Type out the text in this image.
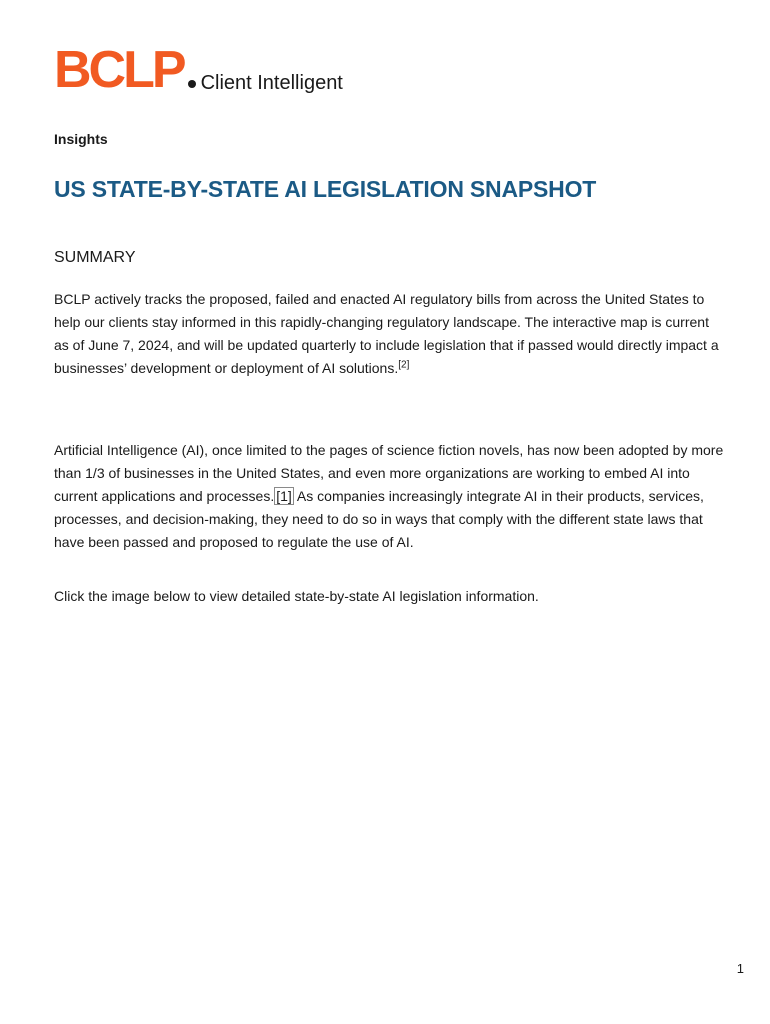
BCLP Client Intelligent
Insights
US STATE-BY-STATE AI LEGISLATION SNAPSHOT
SUMMARY

BCLP actively tracks the proposed, failed and enacted AI regulatory bills from across the United States to help our clients stay informed in this rapidly-changing regulatory landscape. The interactive map is current as of June 7, 2024, and will be updated quarterly to include legislation that if passed would directly impact a businesses’ development or deployment of AI solutions.[2]

Artificial Intelligence (AI), once limited to the pages of science fiction novels, has now been adopted by more than 1/3 of businesses in the United States, and even more organizations are working to embed AI into current applications and processes. [1] As companies increasingly integrate AI in their products, services, processes, and decision-making, they need to do so in ways that comply with the different state laws that have been passed and proposed to regulate the use of AI.

Click the image below to view detailed state-by-state AI legislation information.

1
